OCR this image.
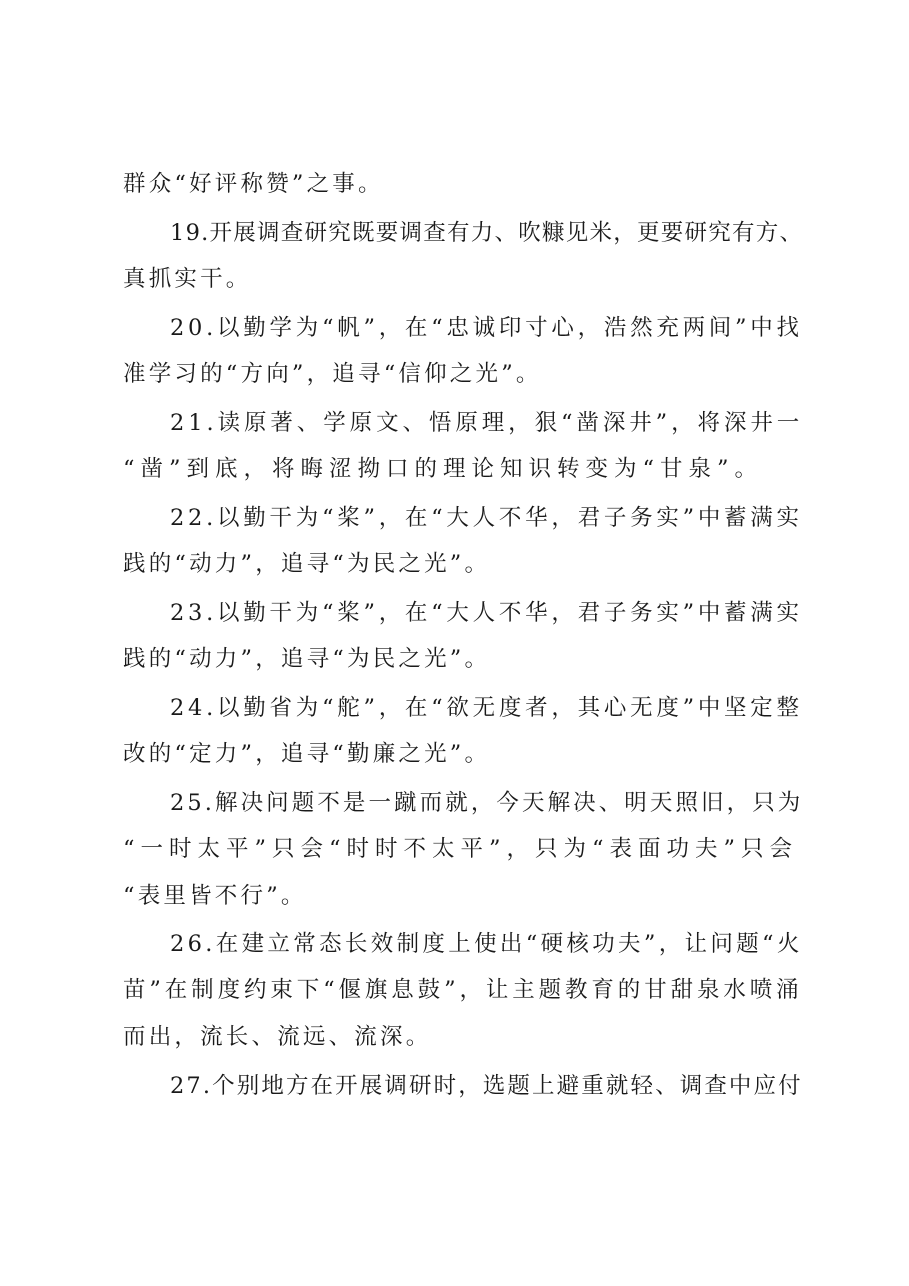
群众“好评称赞”之事。
19.开展调查研究既要调查有力、吹糠见米，更要研究有方、
真抓实干。
20.以勤学为“帆”，在“忠诚印寸心，浩然充两间”中找
准学习的“方向”，追寻“信仰之光”。
21.读原著、学原文、悟原理，狠“凿深井”，将深井一
“凿”到底，将晦涩拗口的理论知识转变为“甘泉”。
22.以勤干为“桨”，在“大人不华，君子务实”中蓄满实
践的“动力”，追寻“为民之光”。
23.以勤干为“桨”，在“大人不华，君子务实”中蓄满实
践的“动力”，追寻“为民之光”。
24.以勤省为“舵”，在“欲无度者，其心无度”中坚定整
改的“定力”，追寻“勤廉之光”。
25.解决问题不是一蹴而就，今天解决、明天照旧，只为
“一时太平”只会“时时不太平”，只为“表面功夫”只会
“表里皆不行”。
26.在建立常态长效制度上使出“硬核功夫”，让问题“火
苗”在制度约束下“偃旗息鼓”，让主题教育的甘甜泉水喷涌
而出，流长、流远、流深。
27.个别地方在开展调研时，选题上避重就轻、调查中应付
